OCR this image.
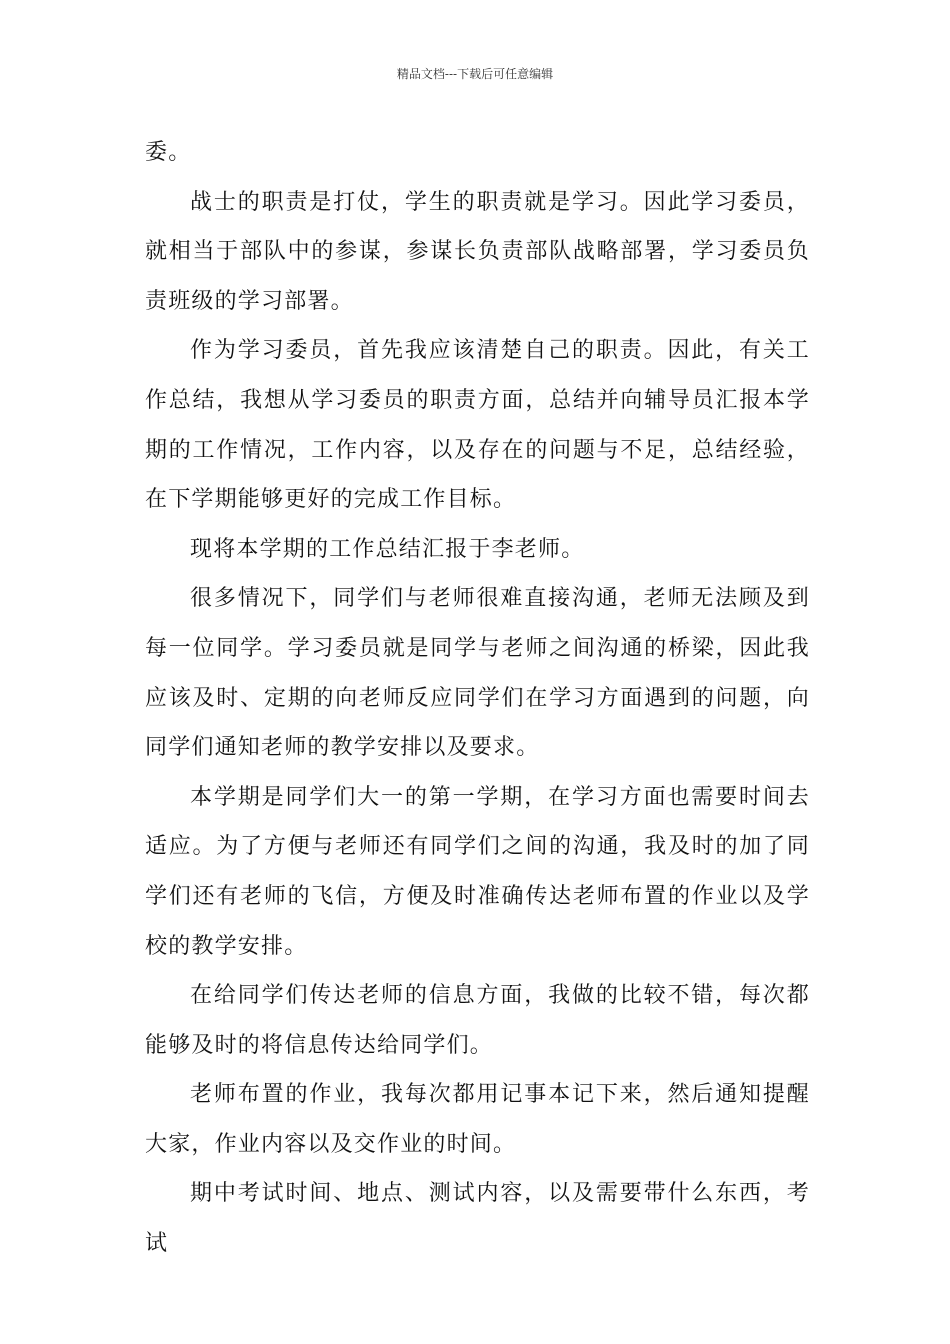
精品文档---下载后可任意编辑

委。

战士的职责是打仗，学生的职责就是学习。因此学习委员，就相当于部队中的参谋，参谋长负责部队战略部署，学习委员负责班级的学习部署。

作为学习委员，首先我应该清楚自己的职责。因此，有关工作总结，我想从学习委员的职责方面，总结并向辅导员汇报本学期的工作情况，工作内容，以及存在的问题与不足，总结经验，在下学期能够更好的完成工作目标。

现将本学期的工作总结汇报于李老师。

很多情况下，同学们与老师很难直接沟通，老师无法顾及到每一位同学。学习委员就是同学与老师之间沟通的桥梁，因此我应该及时、定期的向老师反应同学们在学习方面遇到的问题，向同学们通知老师的教学安排以及要求。

本学期是同学们大一的第一学期，在学习方面也需要时间去适应。为了方便与老师还有同学们之间的沟通，我及时的加了同学们还有老师的飞信，方便及时准确传达老师布置的作业以及学校的教学安排。

在给同学们传达老师的信息方面，我做的比较不错，每次都能够及时的将信息传达给同学们。

老师布置的作业，我每次都用记事本记下来，然后通知提醒大家，作业内容以及交作业的时间。

期中考试时间、地点、测试内容，以及需要带什么东西，考试
